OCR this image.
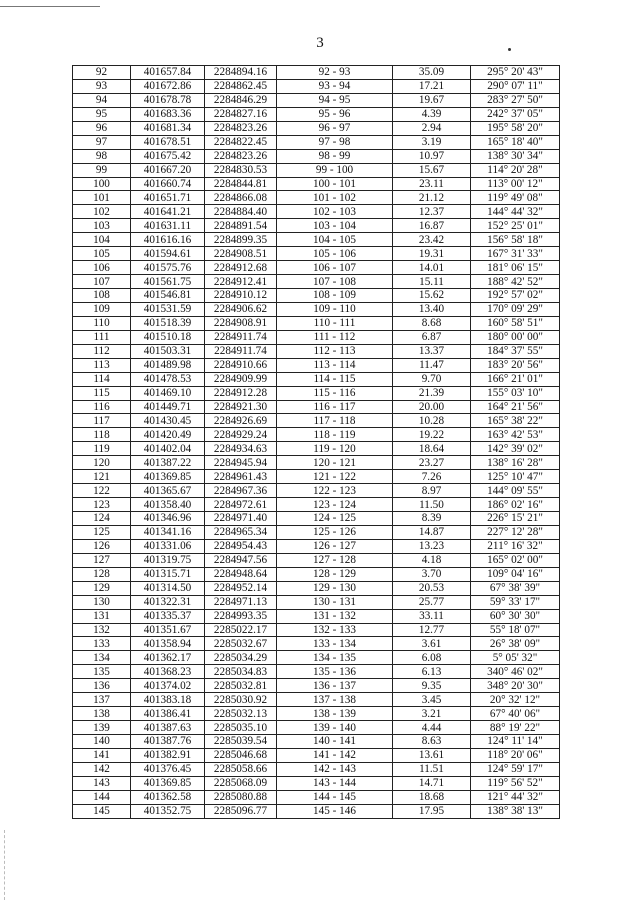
3
92	401657.84	2284894.16	92 - 93	35.09	295° 20' 43"
93	401672.86	2284862.45	93 - 94	17.21	290° 07' 11"
94	401678.78	2284846.29	94 - 95	19.67	283° 27' 50"
95	401683.36	2284827.16	95 - 96	4.39	242° 37' 05"
96	401681.34	2284823.26	96 - 97	2.94	195° 58' 20"
97	401678.51	2284822.45	97 - 98	3.19	165° 18' 40"
98	401675.42	2284823.26	98 - 99	10.97	138° 30' 34"
99	401667.20	2284830.53	99 - 100	15.67	114° 20' 28"
100	401660.74	2284844.81	100 - 101	23.11	113° 00' 12"
101	401651.71	2284866.08	101 - 102	21.12	119° 49' 08"
102	401641.21	2284884.40	102 - 103	12.37	144° 44' 32"
103	401631.11	2284891.54	103 - 104	16.87	152° 25' 01"
104	401616.16	2284899.35	104 - 105	23.42	156° 58' 18"
105	401594.61	2284908.51	105 - 106	19.31	167° 31' 33"
106	401575.76	2284912.68	106 - 107	14.01	181° 06' 15"
107	401561.75	2284912.41	107 - 108	15.11	188° 42' 52"
108	401546.81	2284910.12	108 - 109	15.62	192° 57' 02"
109	401531.59	2284906.62	109 - 110	13.40	170° 09' 29"
110	401518.39	2284908.91	110 - 111	8.68	160° 58' 51"
111	401510.18	2284911.74	111 - 112	6.87	180° 00' 00"
112	401503.31	2284911.74	112 - 113	13.37	184° 37' 55"
113	401489.98	2284910.66	113 - 114	11.47	183° 20' 56"
114	401478.53	2284909.99	114 - 115	9.70	166° 21' 01"
115	401469.10	2284912.28	115 - 116	21.39	155° 03' 10"
116	401449.71	2284921.30	116 - 117	20.00	164° 21' 56"
117	401430.45	2284926.69	117 - 118	10.28	165° 38' 22"
118	401420.49	2284929.24	118 - 119	19.22	163° 42' 53"
119	401402.04	2284934.63	119 - 120	18.64	142° 39' 02"
120	401387.22	2284945.94	120 - 121	23.27	138° 16' 28"
121	401369.85	2284961.43	121 - 122	7.26	125° 10' 47"
122	401365.67	2284967.36	122 - 123	8.97	144° 09' 55"
123	401358.40	2284972.61	123 - 124	11.50	186° 02' 16"
124	401346.96	2284971.40	124 - 125	8.39	226° 15' 21"
125	401341.16	2284965.34	125 - 126	14.87	227° 12' 28"
126	401331.06	2284954.43	126 - 127	13.23	211° 16' 32"
127	401319.75	2284947.56	127 - 128	4.18	165° 02' 00"
128	401315.71	2284948.64	128 - 129	3.70	109° 04' 16"
129	401314.50	2284952.14	129 - 130	20.53	67° 38' 39"
130	401322.31	2284971.13	130 - 131	25.77	59° 33' 17"
131	401335.37	2284993.35	131 - 132	33.11	60° 30' 30"
132	401351.67	2285022.17	132 - 133	12.77	55° 18' 07"
133	401358.94	2285032.67	133 - 134	3.61	26° 38' 09"
134	401362.17	2285034.29	134 - 135	6.08	5° 05' 32"
135	401368.23	2285034.83	135 - 136	6.13	340° 46' 02"
136	401374.02	2285032.81	136 - 137	9.35	348° 20' 30"
137	401383.18	2285030.92	137 - 138	3.45	20° 32' 12"
138	401386.41	2285032.13	138 - 139	3.21	67° 40' 06"
139	401387.63	2285035.10	139 - 140	4.44	88° 19' 22"
140	401387.76	2285039.54	140 - 141	8.63	124° 11' 14"
141	401382.91	2285046.68	141 - 142	13.61	118° 20' 06"
142	401376.45	2285058.66	142 - 143	11.51	124° 59' 17"
143	401369.85	2285068.09	143 - 144	14.71	119° 56' 52"
144	401362.58	2285080.88	144 - 145	18.68	121° 44' 32"
145	401352.75	2285096.77	145 - 146	17.95	138° 38' 13"
